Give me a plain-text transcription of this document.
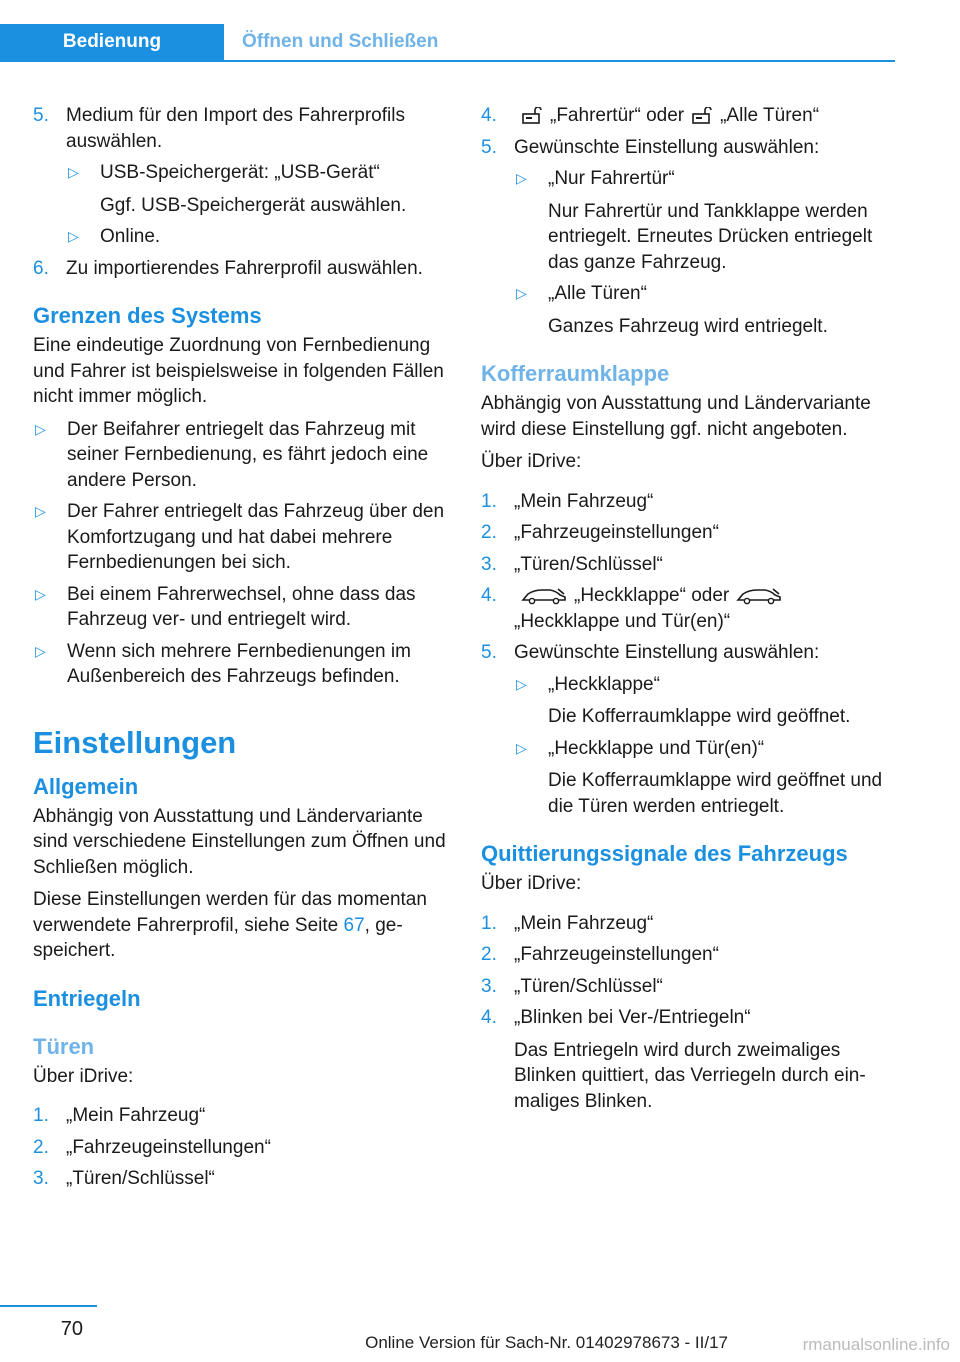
Bedienung	Öffnen und Schließen
5. Medium für den Import des Fahrerprofils auswählen.
▷ USB-Speichergerät: „USB-Gerät“
Ggf. USB-Speichergerät auswählen.
▷ Online.
6. Zu importierendes Fahrerprofil auswählen.
Grenzen des Systems

Eine eindeutige Zuordnung von Fernbedienung und Fahrer ist beispielsweise in folgenden Fällen nicht immer möglich.

▷ Der Beifahrer entriegelt das Fahrzeug mit seiner Fernbedienung, es fährt jedoch eine andere Person.
▷ Der Fahrer entriegelt das Fahrzeug über den Komfortzugang und hat dabei mehrere Fernbedienungen bei sich.
▷ Bei einem Fahrerwechsel, ohne dass das Fahrzeug ver- und entriegelt wird.
▷ Wenn sich mehrere Fernbedienungen im Außenbereich des Fahrzeugs befinden.
Einstellungen
Allgemein

Abhängig von Ausstattung und Ländervariante sind verschiedene Einstellungen zum Öffnen und Schließen möglich.

Diese Einstellungen werden für das momentan verwendete Fahrerprofil, siehe Seite 67, gespeichert.

Entriegeln
Türen

Über iDrive:

1. „Mein Fahrzeug“
2. „Fahrzeugeinstellungen“
3. „Türen/Schlüssel“
4.	„Fahrertür“ oder „Alle Türen“
5. Gewünschte Einstellung auswählen:
▷ „Nur Fahrertür“
Nur Fahrertür und Tankklappe werden entriegelt. Erneutes Drücken entriegelt das ganze Fahrzeug.
▷ „Alle Türen“
Ganzes Fahrzeug wird entriegelt.
Kofferraumklappe

Abhängig von Ausstattung und Ländervariante wird diese Einstellung ggf. nicht angeboten.

Über iDrive:

1. „Mein Fahrzeug“
2. „Fahrzeugeinstellungen“
3. „Türen/Schlüssel“
4.	„Heckklappe“ oder
„Heckklappe und Tür(en)“
5. Gewünschte Einstellung auswählen:
▷ „Heckklappe“
Die Kofferraumklappe wird geöffnet.
▷ „Heckklappe und Tür(en)“
Die Kofferraumklappe wird geöffnet und die Türen werden entriegelt.
Quittierungssignale des Fahrzeugs

Über iDrive:

1. „Mein Fahrzeug“
2. „Fahrzeugeinstellungen“
3. „Türen/Schlüssel“
4. „Blinken bei Ver-/Entriegeln“
Das Entriegeln wird durch zweimaliges Blinken quittiert, das Verriegeln durch einmaliges Blinken.
70
Online Version für Sach-Nr. 01402978673 - II/17	rmanualsonline.info
